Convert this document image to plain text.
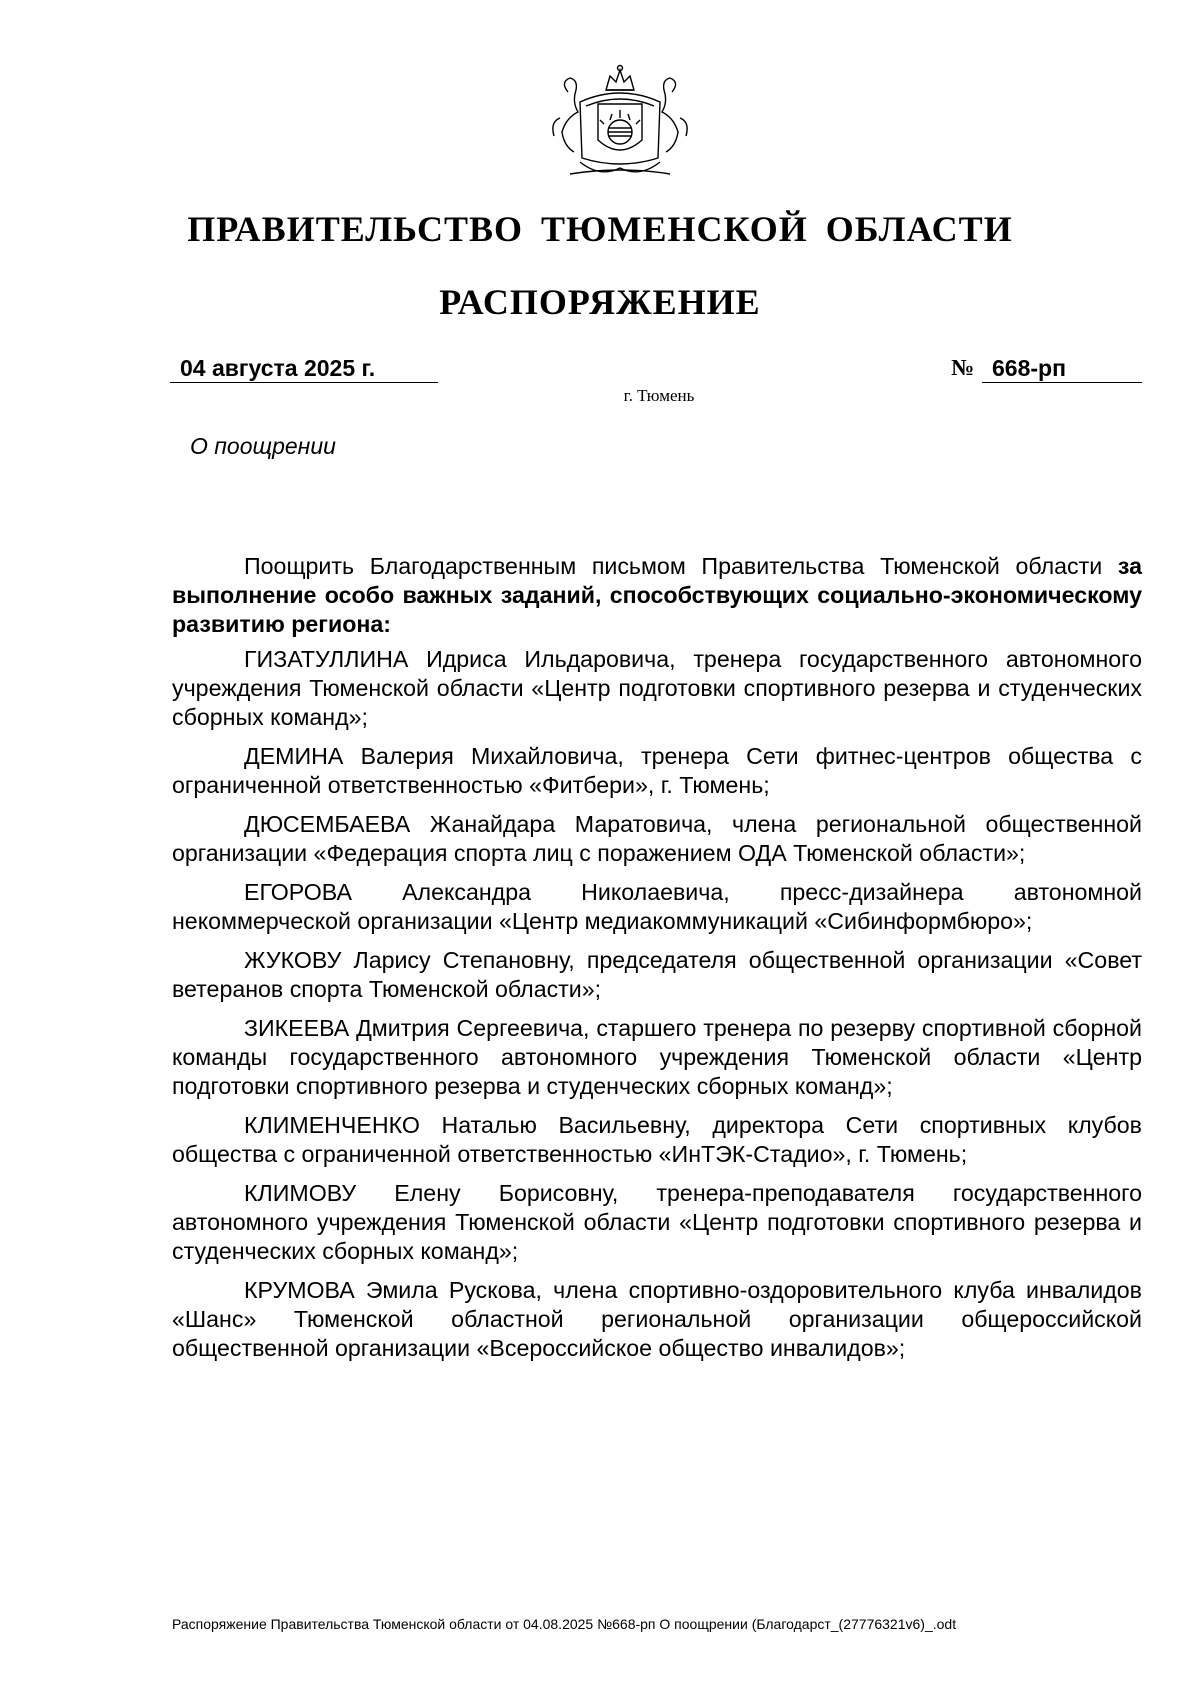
ПРАВИТЕЛЬСТВО ТЮМЕНСКОЙ ОБЛАСТИ
РАСПОРЯЖЕНИЕ
04 августа 2025 г.	№ 668-рп
г. Тюмень
О поощрении

Поощрить Благодарственным письмом Правительства Тюменской области за выполнение особо важных заданий, способствующих социально-экономическому развитию региона:

ГИЗАТУЛЛИНА Идриса Ильдаровича, тренера государственного автономного учреждения Тюменской области «Центр подготовки спортивного резерва и студенческих сборных команд»;

ДЕМИНА Валерия Михайловича, тренера Сети фитнес-центров общества с ограниченной ответственностью «Фитбери», г. Тюмень;

ДЮСЕМБАЕВА Жанайдара Маратовича, члена региональной общественной организации «Федерация спорта лиц с поражением ОДА Тюменской области»;

ЕГОРОВА Александра Николаевича, пресс-дизайнера автономной некоммерческой организации «Центр медиакоммуникаций «Сибинформбюро»;

ЖУКОВУ Ларису Степановну, председателя общественной организации «Совет ветеранов спорта Тюменской области»;

ЗИКЕЕВА Дмитрия Сергеевича, старшего тренера по резерву спортивной сборной команды государственного автономного учреждения Тюменской области «Центр подготовки спортивного резерва и студенческих сборных команд»;

КЛИМЕНЧЕНКО Наталью Васильевну, директора Сети спортивных клубов общества с ограниченной ответственностью «ИнТЭК-Стадио», г. Тюмень;

КЛИМОВУ Елену Борисовну, тренера-преподавателя государственного автономного учреждения Тюменской области «Центр подготовки спортивного резерва и студенческих сборных команд»;

КРУМОВА Эмила Рускова, члена спортивно-оздоровительного клуба инвалидов «Шанс» Тюменской областной региональной организации общероссийской общественной организации «Всероссийское общество инвалидов»;

Распоряжение Правительства Тюменской области от 04.08.2025 №668-рп О поощрении (Благодарст_(27776321v6)_.odt
